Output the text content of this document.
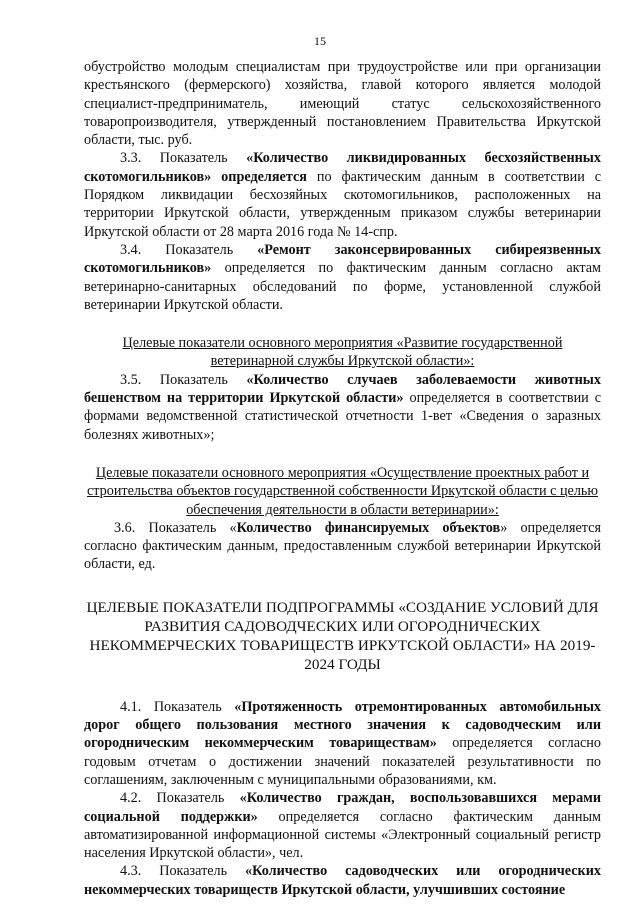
15

обустройство молодым специалистам при трудоустройстве или при организации крестьянского (фермерского) хозяйства, главой которого является молодой специалист-предприниматель, имеющий статус сельскохозяйственного товаропроизводителя, утвержденный постановлением Правительства Иркутской области, тыс. руб.

3.3. Показатель «Количество ликвидированных бесхозяйственных скотомогильников» определяется по фактическим данным в соответствии с Порядком ликвидации бесхозяйных скотомогильников, расположенных на территории Иркутской области, утвержденным приказом службы ветеринарии Иркутской области от 28 марта 2016 года № 14-спр.

3.4. Показатель «Ремонт законсервированных сибиреязвенных скотомогильников» определяется по фактическим данным согласно актам ветеринарно-санитарных обследований по форме, установленной службой ветеринарии Иркутской области.

Целевые показатели основного мероприятия «Развитие государственной ветеринарной службы Иркутской области»:

3.5. Показатель «Количество случаев заболеваемости животных бешенством на территории Иркутской области» определяется в соответствии с формами ведомственной статистической отчетности 1-вет «Сведения о заразных болезнях животных»;

Целевые показатели основного мероприятия «Осуществление проектных работ и строительства объектов государственной собственности Иркутской области с целью обеспечения деятельности в области ветеринарии»:

3.6. Показатель «Количество финансируемых объектов» определяется согласно фактическим данным, предоставленным службой ветеринарии Иркутской области, ед.

ЦЕЛЕВЫЕ ПОКАЗАТЕЛИ ПОДПРОГРАММЫ «СОЗДАНИЕ УСЛОВИЙ ДЛЯ РАЗВИТИЯ САДОВОДЧЕСКИХ ИЛИ ОГОРОДНИЧЕСКИХ НЕКОММЕРЧЕСКИХ ТОВАРИЩЕСТВ ИРКУТСКОЙ ОБЛАСТИ» НА 2019-2024 ГОДЫ

4.1. Показатель «Протяженность отремонтированных автомобильных дорог общего пользования местного значения к садоводческим или огородническим некоммерческим товариществам» определяется согласно годовым отчетам о достижении значений показателей результативности по соглашениям, заключенным с муниципальными образованиями, км.

4.2. Показатель «Количество граждан, воспользовавшихся мерами социальной поддержки» определяется согласно фактическим данным автоматизированной информационной системы «Электронный социальный регистр населения Иркутской области», чел.

4.3. Показатель «Количество садоводческих или огороднических некоммерческих товариществ Иркутской области, улучшивших состояние
